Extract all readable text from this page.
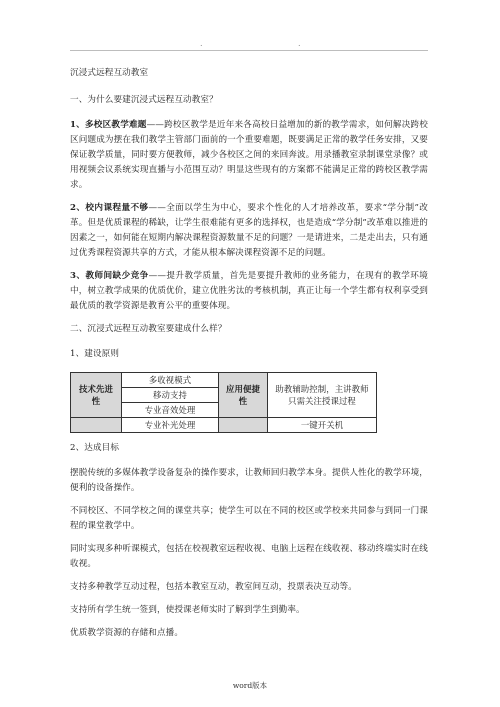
.	.

沉浸式远程互动教室

一、为什么要建沉浸式远程互动教室？

1、多校区教学难题——跨校区教学是近年来各高校日益增加的新的教学需求，如何解决跨校区问题成为摆在我们教学主管部门面前的一个重要难题，既要满足正常的教学任务安排，又要保证教学质量，同时要方便教师，减少各校区之间的来回奔波。用录播教室录制课堂录像？或用视频会议系统实现直播与小范围互动？明显这些现有的方案都不能满足正常的跨校区教学需求。

2、校内课程量不够——全面以学生为中心，要求个性化的人才培养改革，要求“学分制”改革。但是优质课程的稀缺，让学生很难能有更多的选择权，也是造成“学分制”改革难以推进的因素之一，如何能在短期内解决课程资源数量不足的问题？一是请进来，二是走出去，只有通过优秀课程资源共享的方式，才能从根本解决课程资源不足的问题。

3、教师间缺少竞争——提升教学质量，首先是要提升教师的业务能力，在现有的教学环境中，树立教学成果的优质优价，建立优胜劣汰的考核机制，真正让每一个学生都有权利享受到最优质的教学资源是教育公平的重要体现。

二、沉浸式远程互动教室要建成什么样？

1、建设原则

技术先进性	多收视模式	应用便捷性	助教辅助控制，主讲教师只需关注授课过程
	移动支持		
	专业音效处理		
	专业补光处理		一键开关机

2、达成目标

摆脱传统的多媒体教学设备复杂的操作要求，让教师回归教学本身。提供人性化的教学环境，便利的设备操作。

不同校区、不同学校之间的课堂共享；使学生可以在不同的校区或学校来共同参与到同一门课程的课堂教学中。

同时实现多种听课模式，包括在校视教室远程收视、电脑上远程在线收视、移动终端实时在线收视。

支持多种教学互动过程，包括本教室互动，教室间互动，投票表决互动等。

支持所有学生统一签到，使授课老师实时了解到学生到勤率。

优质教学资源的存储和点播。

word版本
